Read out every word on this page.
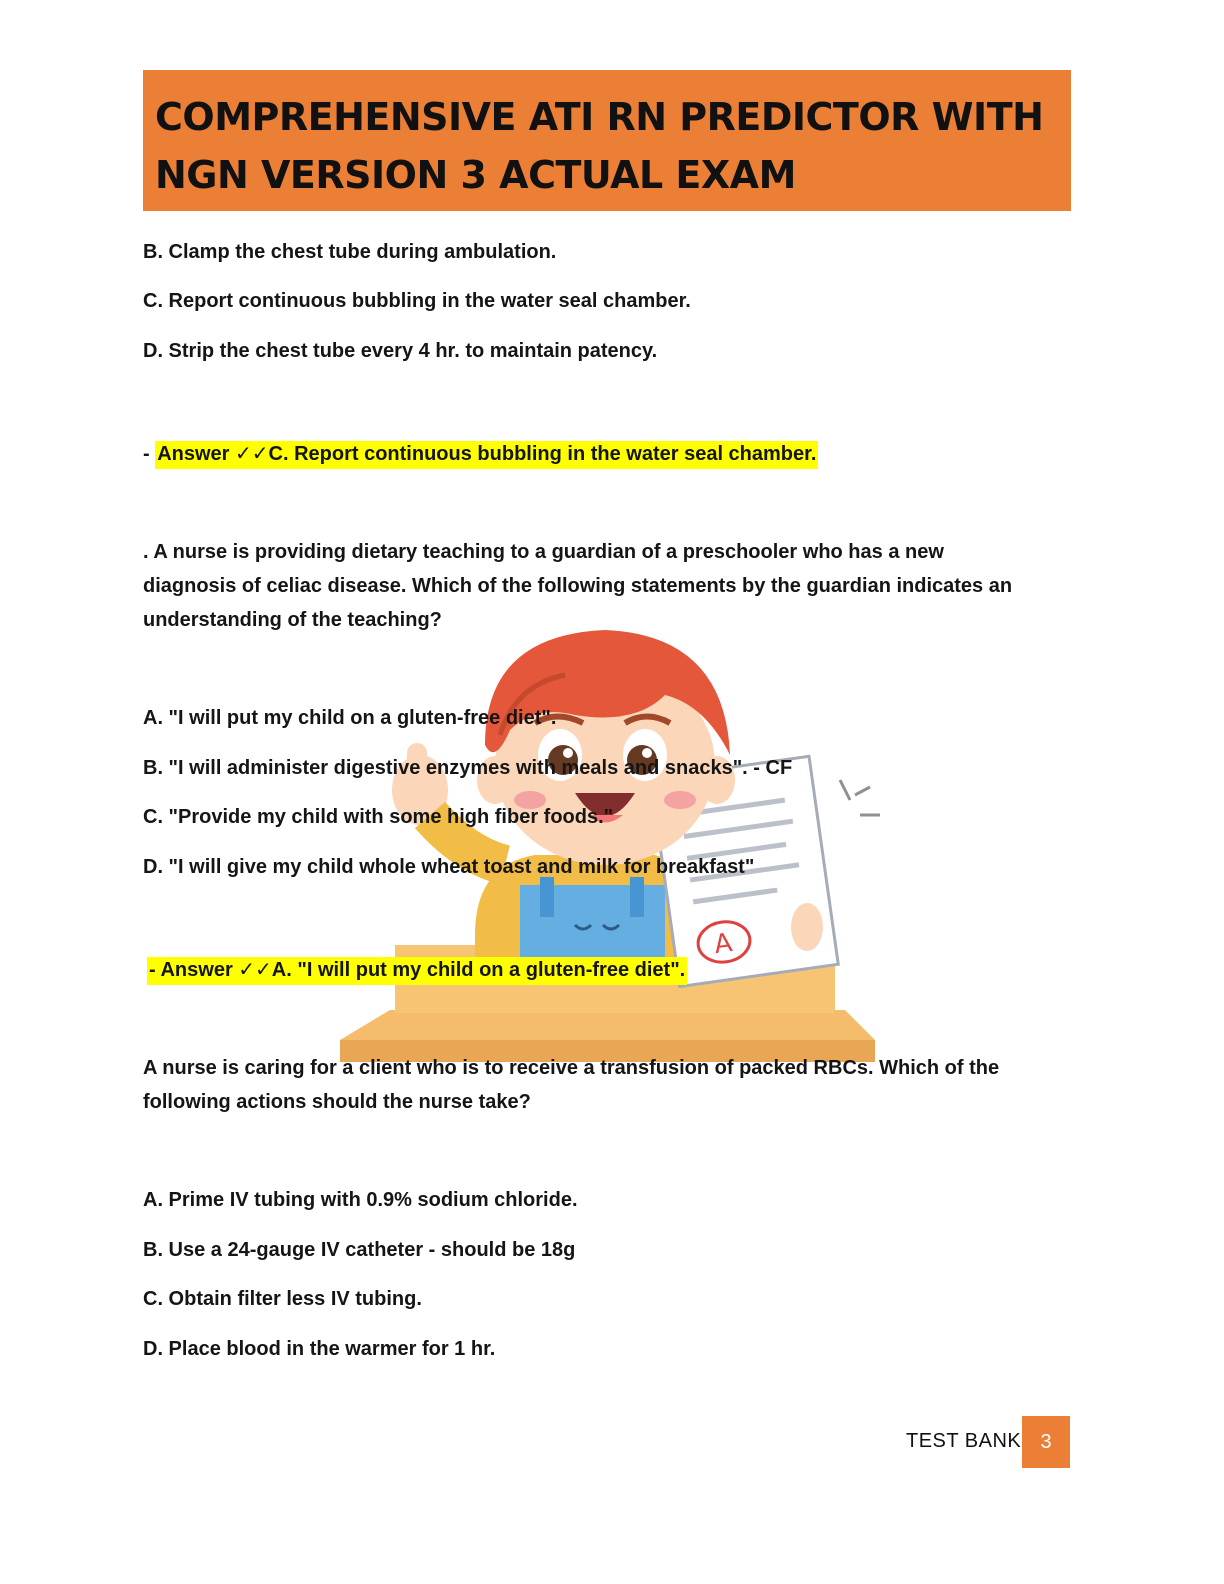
COMPREHENSIVE ATI RN PREDICTOR WITH
NGN VERSION 3 ACTUAL EXAM
B. Clamp the chest tube during ambulation.
C. Report continuous bubbling in the water seal chamber.
D. Strip the chest tube every 4 hr. to maintain patency.
- Answer ✓✓C. Report continuous bubbling in the water seal chamber.
. A nurse is providing dietary teaching to a guardian of a preschooler who has a new
diagnosis of celiac disease. Which of the following statements by the guardian indicates an
understanding of the teaching?
A. "I will put my child on a gluten-free diet".
B. "I will administer digestive enzymes with meals and snacks". - CF
C. "Provide my child with some high fiber foods."
D. "I will give my child whole wheat toast and milk for breakfast"
- Answer ✓✓A. "I will put my child on a gluten-free diet".
A nurse is caring for a client who is to receive a transfusion of packed RBCs. Which of the
following actions should the nurse take?
A. Prime IV tubing with 0.9% sodium chloride.
B. Use a 24-gauge IV catheter - should be 18g
C. Obtain filter less IV tubing.
D. Place blood in the warmer for 1 hr.
A
TEST BANK 3
